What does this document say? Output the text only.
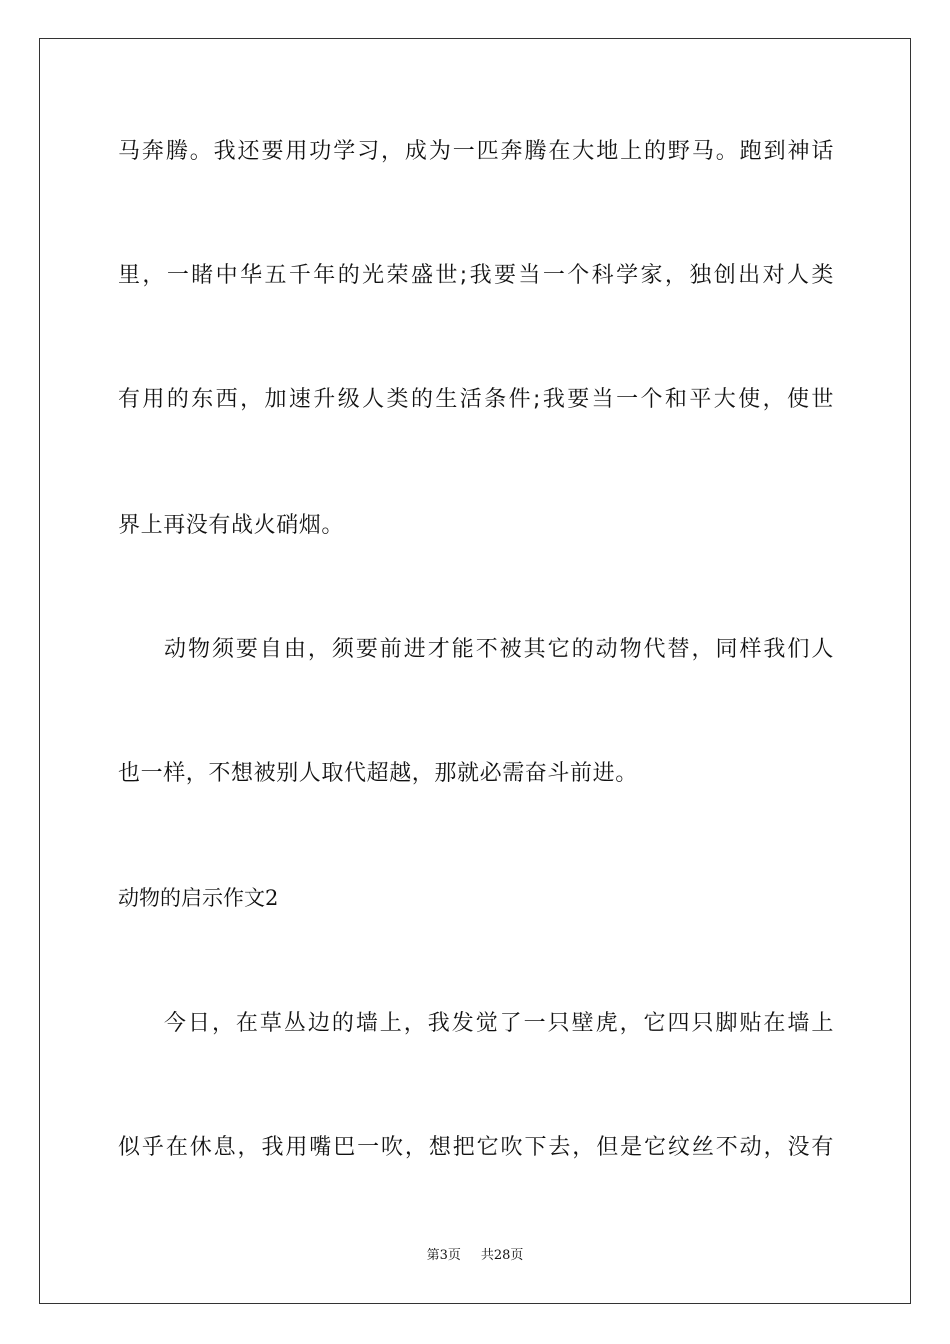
马奔腾。我还要用功学习，成为一匹奔腾在大地上的野马。跑到神话
里，一睹中华五千年的光荣盛世;我要当一个科学家，独创出对人类
有用的东西，加速升级人类的生活条件;我要当一个和平大使，使世
界上再没有战火硝烟。
动物须要自由，须要前进才能不被其它的动物代替，同样我们人
也一样，不想被别人取代超越，那就必需奋斗前进。
动物的启示作文2
今日，在草丛边的墙上，我发觉了一只壁虎，它四只脚贴在墙上
似乎在休息，我用嘴巴一吹，想把它吹下去，但是它纹丝不动，没有
第3页 共28页
